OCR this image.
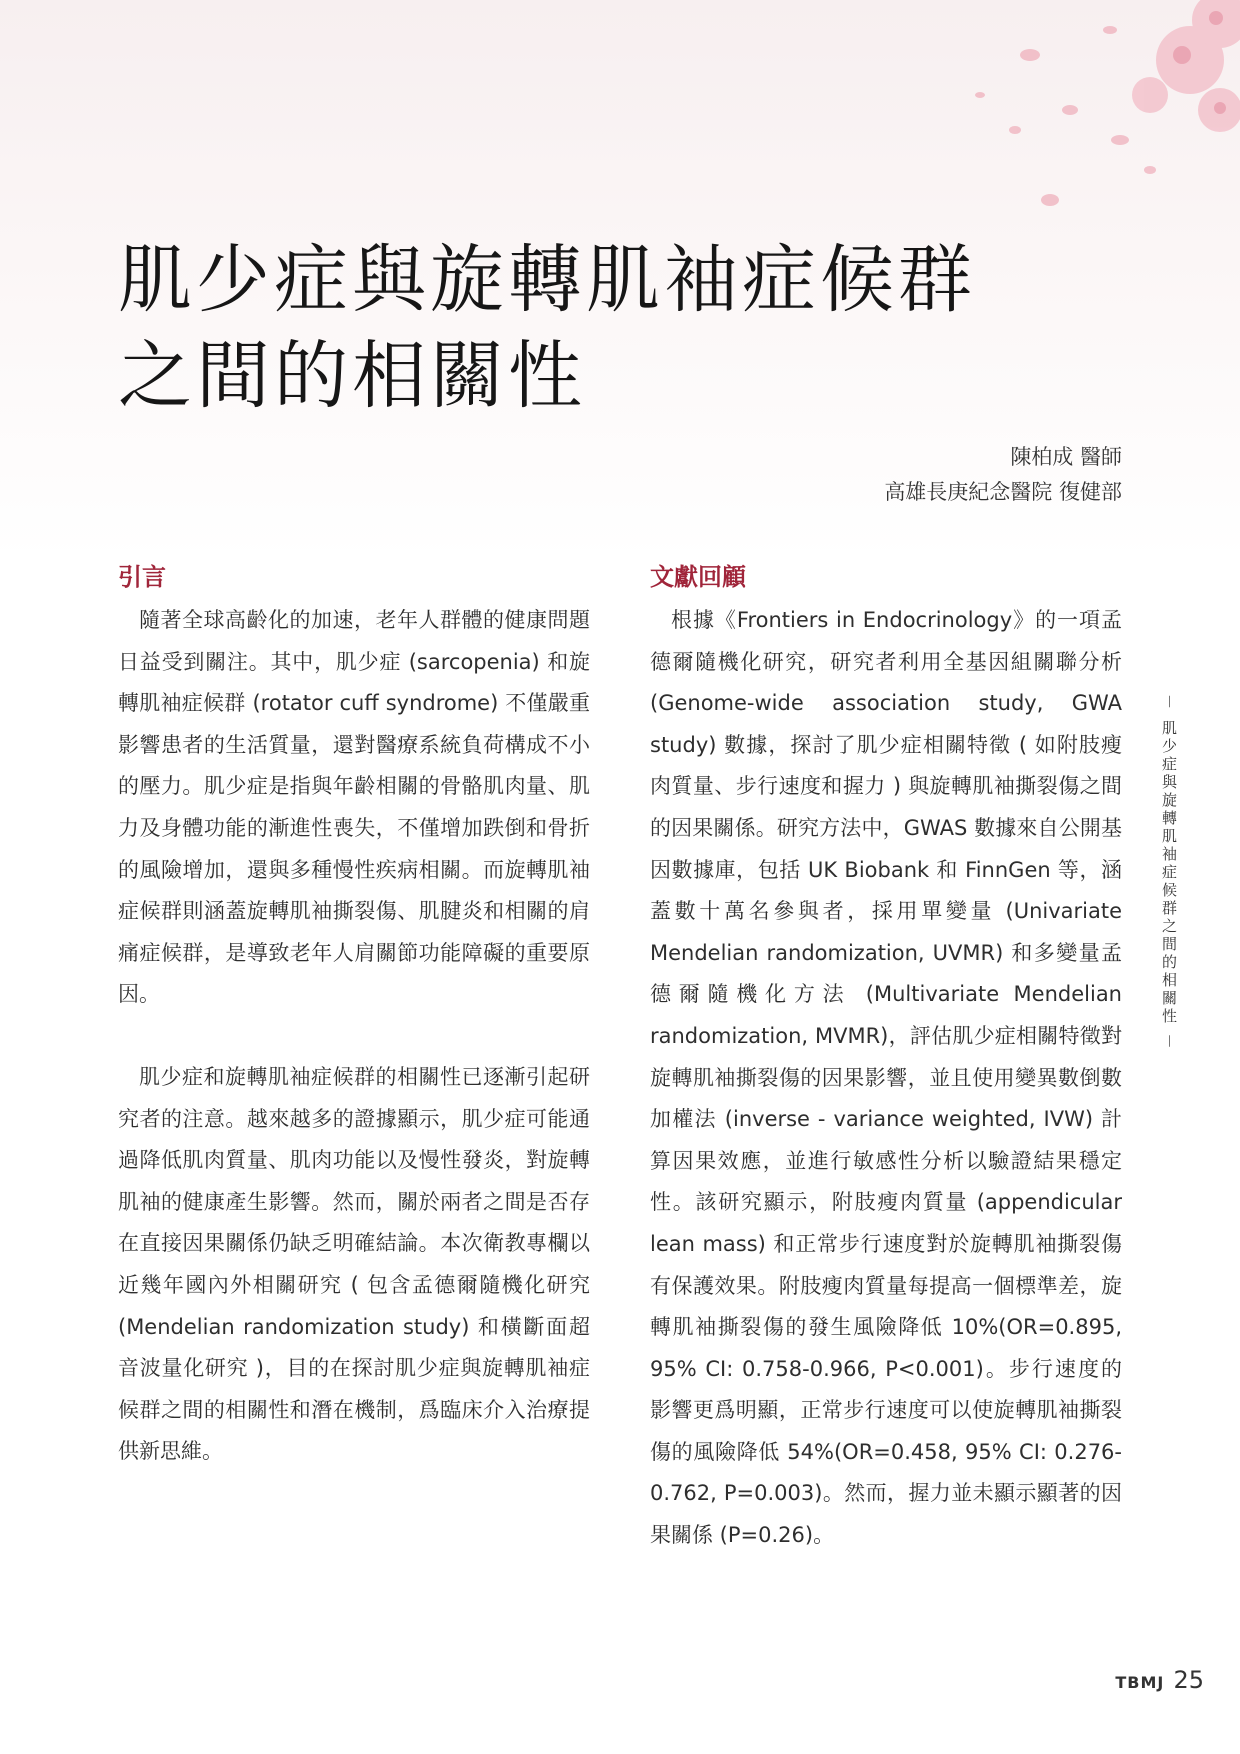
肌少症與旋轉肌袖症候群
之間的相關性
陳柏成 醫師
高雄長庚紀念醫院 復健部
引言

隨著全球高齡化的加速，老年人群體的健康問題日益受到關注。其中，肌少症 (sarcopenia) 和旋轉肌袖症候群 (rotator cuff syndrome) 不僅嚴重影響患者的生活質量，還對醫療系統負荷構成不小的壓力。肌少症是指與年齡相關的骨骼肌肉量、肌力及身體功能的漸進性喪失，不僅增加跌倒和骨折的風險增加，還與多種慢性疾病相關。而旋轉肌袖症候群則涵蓋旋轉肌袖撕裂傷、肌腱炎和相關的肩痛症候群，是導致老年人肩關節功能障礙的重要原因。

肌少症和旋轉肌袖症候群的相關性已逐漸引起研究者的注意。越來越多的證據顯示，肌少症可能通過降低肌肉質量、肌肉功能以及慢性發炎，對旋轉肌袖的健康產生影響。然而，關於兩者之間是否存在直接因果關係仍缺乏明確結論。本次衛教專欄以近幾年國內外相關研究 ( 包含孟德爾隨機化研究 (Mendelian randomization study) 和橫斷面超音波量化研究 )，目的在探討肌少症與旋轉肌袖症候群之間的相關性和潛在機制，爲臨床介入治療提供新思維。

文獻回顧

根據《Frontiers in Endocrinology》的一項孟德爾隨機化研究，研究者利用全基因組關聯分析 (Genome-wide association study, GWA study) 數據，探討了肌少症相關特徵 ( 如附肢瘦肉質量、步行速度和握力 ) 與旋轉肌袖撕裂傷之間的因果關係。研究方法中，GWAS 數據來自公開基因數據庫，包括 UK Biobank 和 FinnGen 等，涵蓋數十萬名參與者，採用單變量 (Univariate Mendelian randomization, UVMR) 和多變量孟德爾隨機化方法 (Multivariate Mendelian randomization, MVMR)，評估肌少症相關特徵對旋轉肌袖撕裂傷的因果影響，並且使用變異數倒數加權法 (inverse - variance weighted, IVW) 計算因果效應，並進行敏感性分析以驗證結果穩定性。該研究顯示，附肢瘦肉質量 (appendicular lean mass) 和正常步行速度對於旋轉肌袖撕裂傷有保護效果。附肢瘦肉質量每提高一個標準差，旋轉肌袖撕裂傷的發生風險降低 10%(OR=0.895, 95% CI: 0.758-0.966, P<0.001)。步行速度的影響更爲明顯，正常步行速度可以使旋轉肌袖撕裂傷的風險降低 54%(OR=0.458, 95% CI: 0.276-0.762, P=0.003)。然而，握力並未顯示顯著的因果關係 (P=0.26)。

－ 肌少症與旋轉肌袖症候群之間的相關性 －
TBMJ 25
